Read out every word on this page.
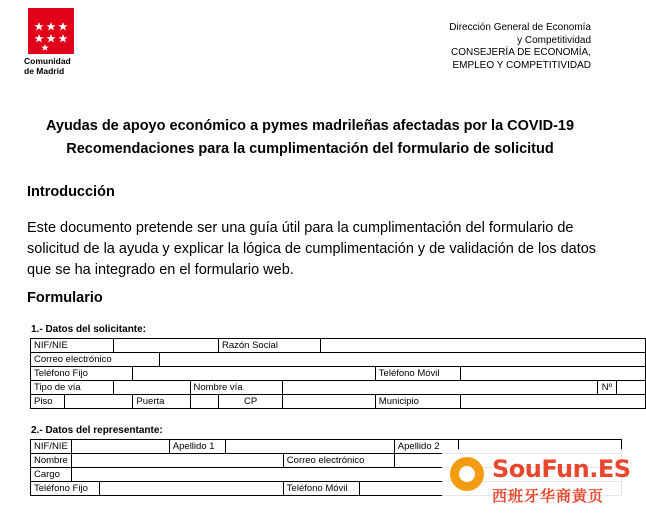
Comunidad
de Madrid
Dirección General de Economía
y Competitividad
CONSEJERÍA DE ECONOMÍA,
EMPLEO Y COMPETITIVIDAD
Ayudas de apoyo económico a pymes madrileñas afectadas por la COVID-19
Recomendaciones para la cumplimentación del formulario de solicitud
Introducción
Este documento pretende ser una guía útil para la cumplimentación del formulario de solicitud de la ayuda y explicar la lógica de cumplimentación y de validación de los datos que se ha integrado en el formulario web.
Formulario
1.- Datos del solicitante:
NIF/NIE						Razón Social						
Correo electrónico												
Teléfono Fijo									Teléfono Móvil			
Tipo de vía					Nombre vía						Nº	
Piso			Puerta			CP			Municipio			
2.- Datos del representante:
NIF/NIE			Apellido 1				Apellido 2	
Nombre					Correo electrónico			
Cargo								
Teléfono Fijo					Teléfono Móvil			
SouFun.ES
西班牙华商黄页
